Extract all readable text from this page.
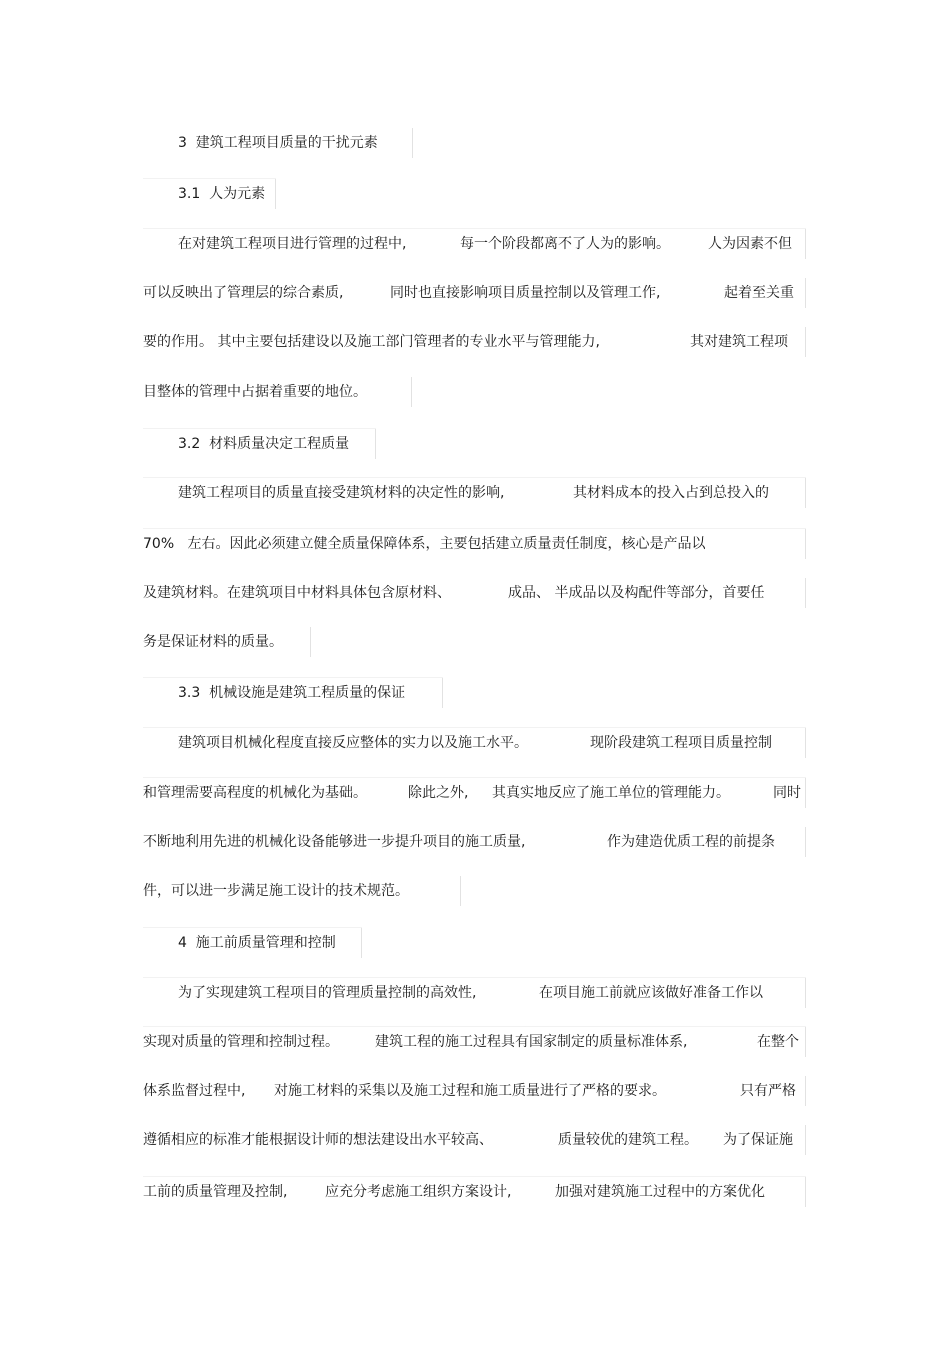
3  建筑工程项目质量的干扰元素

3.1  人为元素

在对建筑工程项目进行管理的过程中,

	每一个阶段都离不了人为的影响。

	人为因素不但

可以反映出了管理层的综合素质,

	同时也直接影响项目质量控制以及管理工作,

	起着至关重

要的作用。 其中主要包括建设以及施工部门管理者的专业水平与管理能力,

	其对建筑工程项

目整体的管理中占据着重要的地位。

3.2  材料质量决定工程质量

建筑工程项目的质量直接受建筑材料的决定性的影响,

	其材料成本的投入占到总投入的

70%   左右。因此必须建立健全质量保障体系，主要包括建立质量责任制度，核心是产品以

及建筑材料。在建筑项目中材料具体包含原材料、

	成品、 半成品以及构配件等部分，首要任

务是保证材料的质量。

3.3  机械设施是建筑工程质量的保证

建筑项目机械化程度直接反应整体的实力以及施工水平。

	现阶段建筑工程项目质量控制

和管理需要高程度的机械化为基础。

	除此之外,

其真实地反应了施工单位的管理能力。

	同时

不断地利用先进的机械化设备能够进一步提升项目的施工质量,

	作为建造优质工程的前提条

件，可以进一步满足施工设计的技术规范。

4  施工前质量管理和控制

为了实现建筑工程项目的管理质量控制的高效性,

	在项目施工前就应该做好准备工作以

实现对质量的管理和控制过程。

	建筑工程的施工过程具有国家制定的质量标准体系,

	在整个

体系监督过程中,

对施工材料的采集以及施工过程和施工质量进行了严格的要求。

	只有严格

遵循相应的标准才能根据设计师的想法建设出水平较高、

	质量较优的建筑工程。

为了保证施

工前的质量管理及控制,

	应充分考虑施工组织方案设计,

	加强对建筑施工过程中的方案优化
